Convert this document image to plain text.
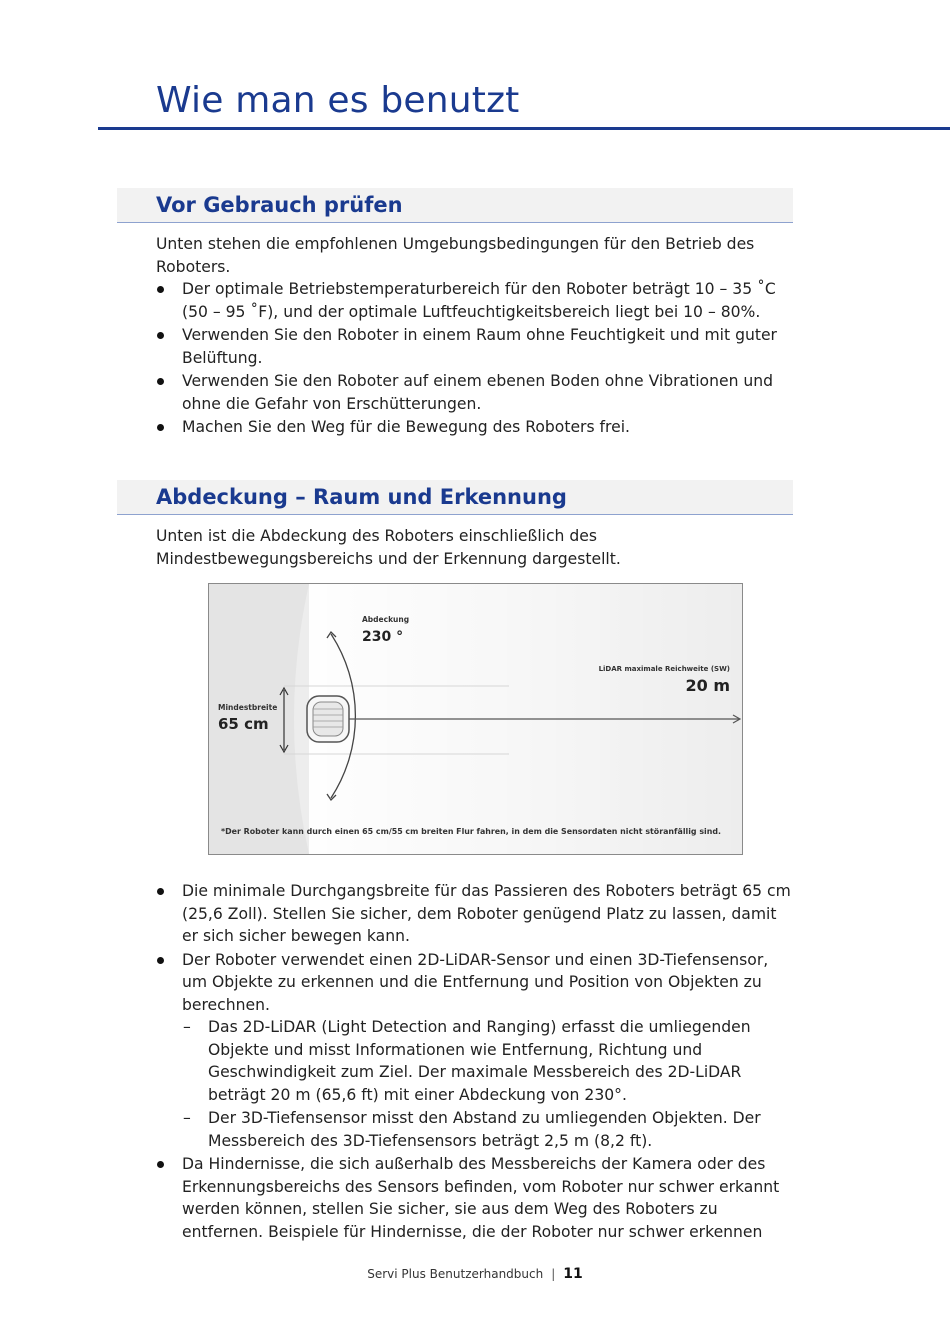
Wie man es benutzt
Vor Gebrauch prüfen

Unten stehen die empfohlenen Umgebungsbedingungen für den Betrieb des Roboters.

Der optimale Betriebstemperaturbereich für den Roboter beträgt 10 – 35 ˚C (50 – 95 ˚F), und der optimale Luftfeuchtigkeitsbereich liegt bei 10 – 80%.
Verwenden Sie den Roboter in einem Raum ohne Feuchtigkeit und mit guter Belüftung.
Verwenden Sie den Roboter auf einem ebenen Boden ohne Vibrationen und ohne die Gefahr von Erschütterungen.
Machen Sie den Weg für die Bewegung des Roboters frei.
Abdeckung – Raum und Erkennung

Unten ist die Abdeckung des Roboters einschließlich des Mindestbewegungsbereichs und der Erkennung dargestellt.

Abdeckung
230 °
LiDAR maximale Reichweite (SW)
20 m
Mindestbreite
65 cm
*Der Roboter kann durch einen 65 cm/55 cm breiten Flur fahren, in dem die Sensordaten nicht störanfällig sind.
Die minimale Durchgangsbreite für das Passieren des Roboters beträgt 65 cm (25,6 Zoll). Stellen Sie sicher, dem Roboter genügend Platz zu lassen, damit er sich sicher bewegen kann.
Der Roboter verwendet einen 2D-LiDAR-Sensor und einen 3D-Tiefensensor, um Objekte zu erkennen und die Entfernung und Position von Objekten zu berechnen.
– Das 2D-LiDAR (Light Detection and Ranging) erfasst die umliegenden Objekte und misst Informationen wie Entfernung, Richtung und Geschwindigkeit zum Ziel. Der maximale Messbereich des 2D-LiDAR beträgt 20 m (65,6 ft) mit einer Abdeckung von 230°.
– Der 3D-Tiefensensor misst den Abstand zu umliegenden Objekten. Der Messbereich des 3D-Tiefensensors beträgt 2,5 m (8,2 ft).
Da Hindernisse, die sich außerhalb des Messbereichs der Kamera oder des Erkennungsbereichs des Sensors befinden, vom Roboter nur schwer erkannt werden können, stellen Sie sicher, sie aus dem Weg des Roboters zu entfernen. Beispiele für Hindernisse, die der Roboter nur schwer erkennen
Servi Plus Benutzerhandbuch | 11
